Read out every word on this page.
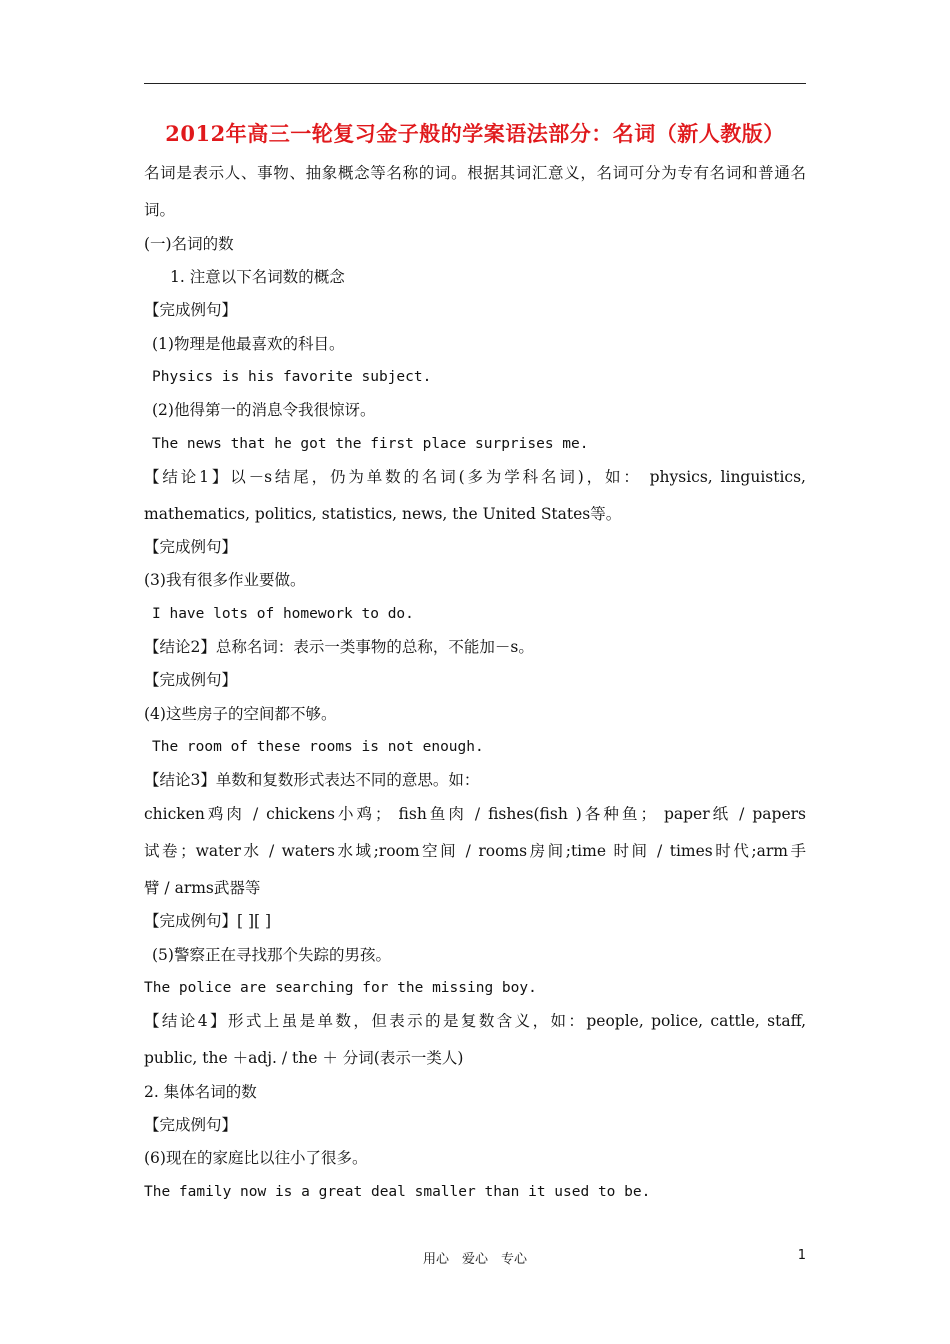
2012年高三一轮复习金子般的学案语法部分：名词（新人教版）
名词是表示人、事物、抽象概念等名称的词。根据其词汇意义，名词可分为专有名词和普通名
词。
(一)名词的数
1. 注意以下名词数的概念
【完成例句】
(1)物理是他最喜欢的科目。
Physics is his favorite subject.
(2)他得第一的消息令我很惊讶。
The news that he got the first place surprises me.
【结论1】以－s结尾，仍为单数的名词(多为学科名词)，如： physics, linguistics,
mathematics, politics, statistics, news, the United States等。
【完成例句】
(3)我有很多作业要做。
I have lots of homework to do.
【结论2】总称名词：表示一类事物的总称，不能加－s。
【完成例句】
(4)这些房子的空间都不够。
The room of these rooms is not enough.
【结论3】单数和复数形式表达不同的意思。如：
chicken鸡肉 / chickens小鸡； fish鱼肉 / fishes(fish )各种鱼； paper纸 / papers
试卷；water水 / waters水域;room空间 / rooms房间;time 时间 / times时代;arm手
臂 / arms武器等
【完成例句】[ ][ ]
(5)警察正在寻找那个失踪的男孩。
The police are searching for the missing boy.
【结论4】形式上虽是单数，但表示的是复数含义，如：people, police, cattle, staff,
public, the ＋adj. / the ＋ 分词(表示一类人)
2. 集体名词的数
【完成例句】
(6)现在的家庭比以往小了很多。
The family now is a great deal smaller than it used to be.
用心　爱心　专心	1
